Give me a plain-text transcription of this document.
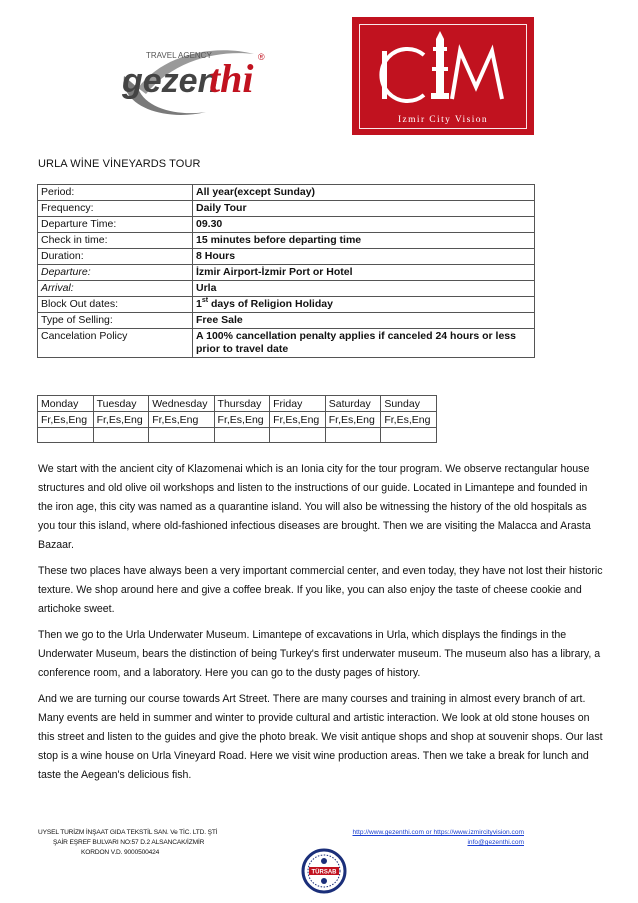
TRAVEL AGENCY
gezen
thi ®
Izmir City Vision
URLA WİNE VİNEYARDS TOUR
Period:	All year(except Sunday)
Frequency:	Daily Tour
Departure Time:	09.30
Check in time:	15 minutes before departing time
Duration:	8 Hours
Departure:	İzmir Airport-İzmir Port or Hotel
Arrival:	Urla
Block Out dates:	1st days of Religion Holiday
Type of Selling:	Free Sale
Cancelation Policy	A 100% cancellation penalty applies if canceled 24 hours or less
prior to travel date
Monday	Tuesday	Wednesday	Thursday	Friday	Saturday	Sunday
Fr,Es,Eng	Fr,Es,Eng	Fr,Es,Eng	Fr,Es,Eng	Fr,Es,Eng	Fr,Es,Eng	Fr,Es,Eng

We start with the ancient city of Klazomenai which is an Ionia city for the tour program. We observe rectangular house structures and old olive oil workshops and listen to the instructions of our guide. Located in Limantepe and founded in the iron age, this city was named as a quarantine island. You will also be witnessing the history of the old hospitals as you tour this island, where old-fashioned infectious diseases are brought. Then we are visiting the Malacca and Arasta Bazaar.

These two places have always been a very important commercial center, and even today, they have not lost their historic texture. We shop around here and give a coffee break. If you like, you can also enjoy the taste of cheese cookie and artichoke sweet.

Then we go to the Urla Underwater Museum. Limantepe of excavations in Urla, which displays the findings in the Underwater Museum, bears the distinction of being Turkey's first underwater museum. The museum also has a library, a conference room, and a laboratory. Here you can go to the dusty pages of history.

And we are turning our course towards Art Street. There are many courses and training in almost every branch of art. Many events are held in summer and winter to provide cultural and artistic interaction. We look at old stone houses on this street and listen to the guides and give the photo break. We visit antique shops and shop at souvenir shops. Our last stop is a wine house on Urla Vineyard Road. Here we visit wine production areas. Then we take a break for lunch and taste the Aegean's delicious fish.

UYSEL TURİZM İNŞAAT GIDA TEKSTİL SAN. Ve TİC. LTD. ŞTİ
ŞAİR EŞREF BULVARI NO:57 D.2 ALSANCAK/İZMİR
KORDON V.D. 9000500424
http://www.gezenthi.com or https://www.izmircityvision.com
info@gezenthi.com
TÜRSAB
